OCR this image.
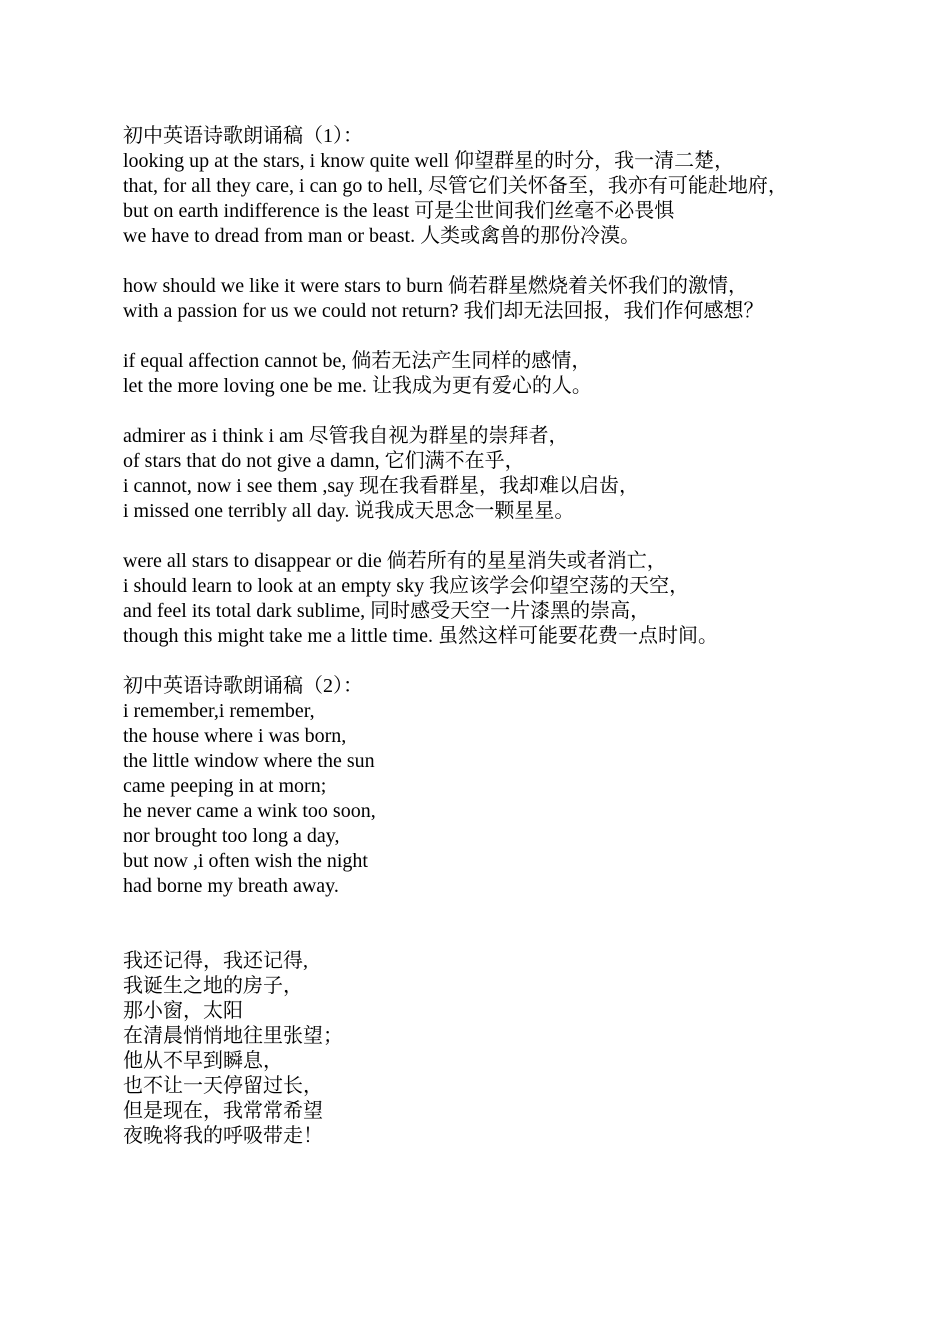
初中英语诗歌朗诵稿（1）：

looking up at the stars, i know quite well 仰望群星的时分，我一清二楚，

that, for all they care, i can go to hell, 尽管它们关怀备至，我亦有可能赴地府，

but on earth indifference is the least 可是尘世间我们丝毫不必畏惧

we have to dread from man or beast. 人类或禽兽的那份冷漠。

how should we like it were stars to burn 倘若群星燃烧着关怀我们的激情，

with a passion for us we could not return? 我们却无法回报，我们作何感想？

if equal affection cannot be, 倘若无法产生同样的感情，

let the more loving one be me. 让我成为更有爱心的人。

admirer as i think i am 尽管我自视为群星的崇拜者，

of stars that do not give a damn, 它们满不在乎，

i cannot, now i see them ,say 现在我看群星，我却难以启齿，

i missed one terribly all day. 说我成天思念一颗星星。

were all stars to disappear or die 倘若所有的星星消失或者消亡，

i should learn to look at an empty sky 我应该学会仰望空荡的天空，

and feel its total dark sublime, 同时感受天空一片漆黑的崇高，

though this might take me a little time. 虽然这样可能要花费一点时间。

初中英语诗歌朗诵稿（2）：

i remember,i remember,

the house where i was born,

the little window where the sun

came peeping in at morn;

he never came a wink too soon,

nor brought too long a day,

but now ,i often wish the night

had borne my breath away.

我还记得，我还记得,

我诞生之地的房子，

那小窗，太阳

在清晨悄悄地往里张望；

他从不早到瞬息，

也不让一天停留过长，

但是现在，我常常希望

夜晚将我的呼吸带走！
